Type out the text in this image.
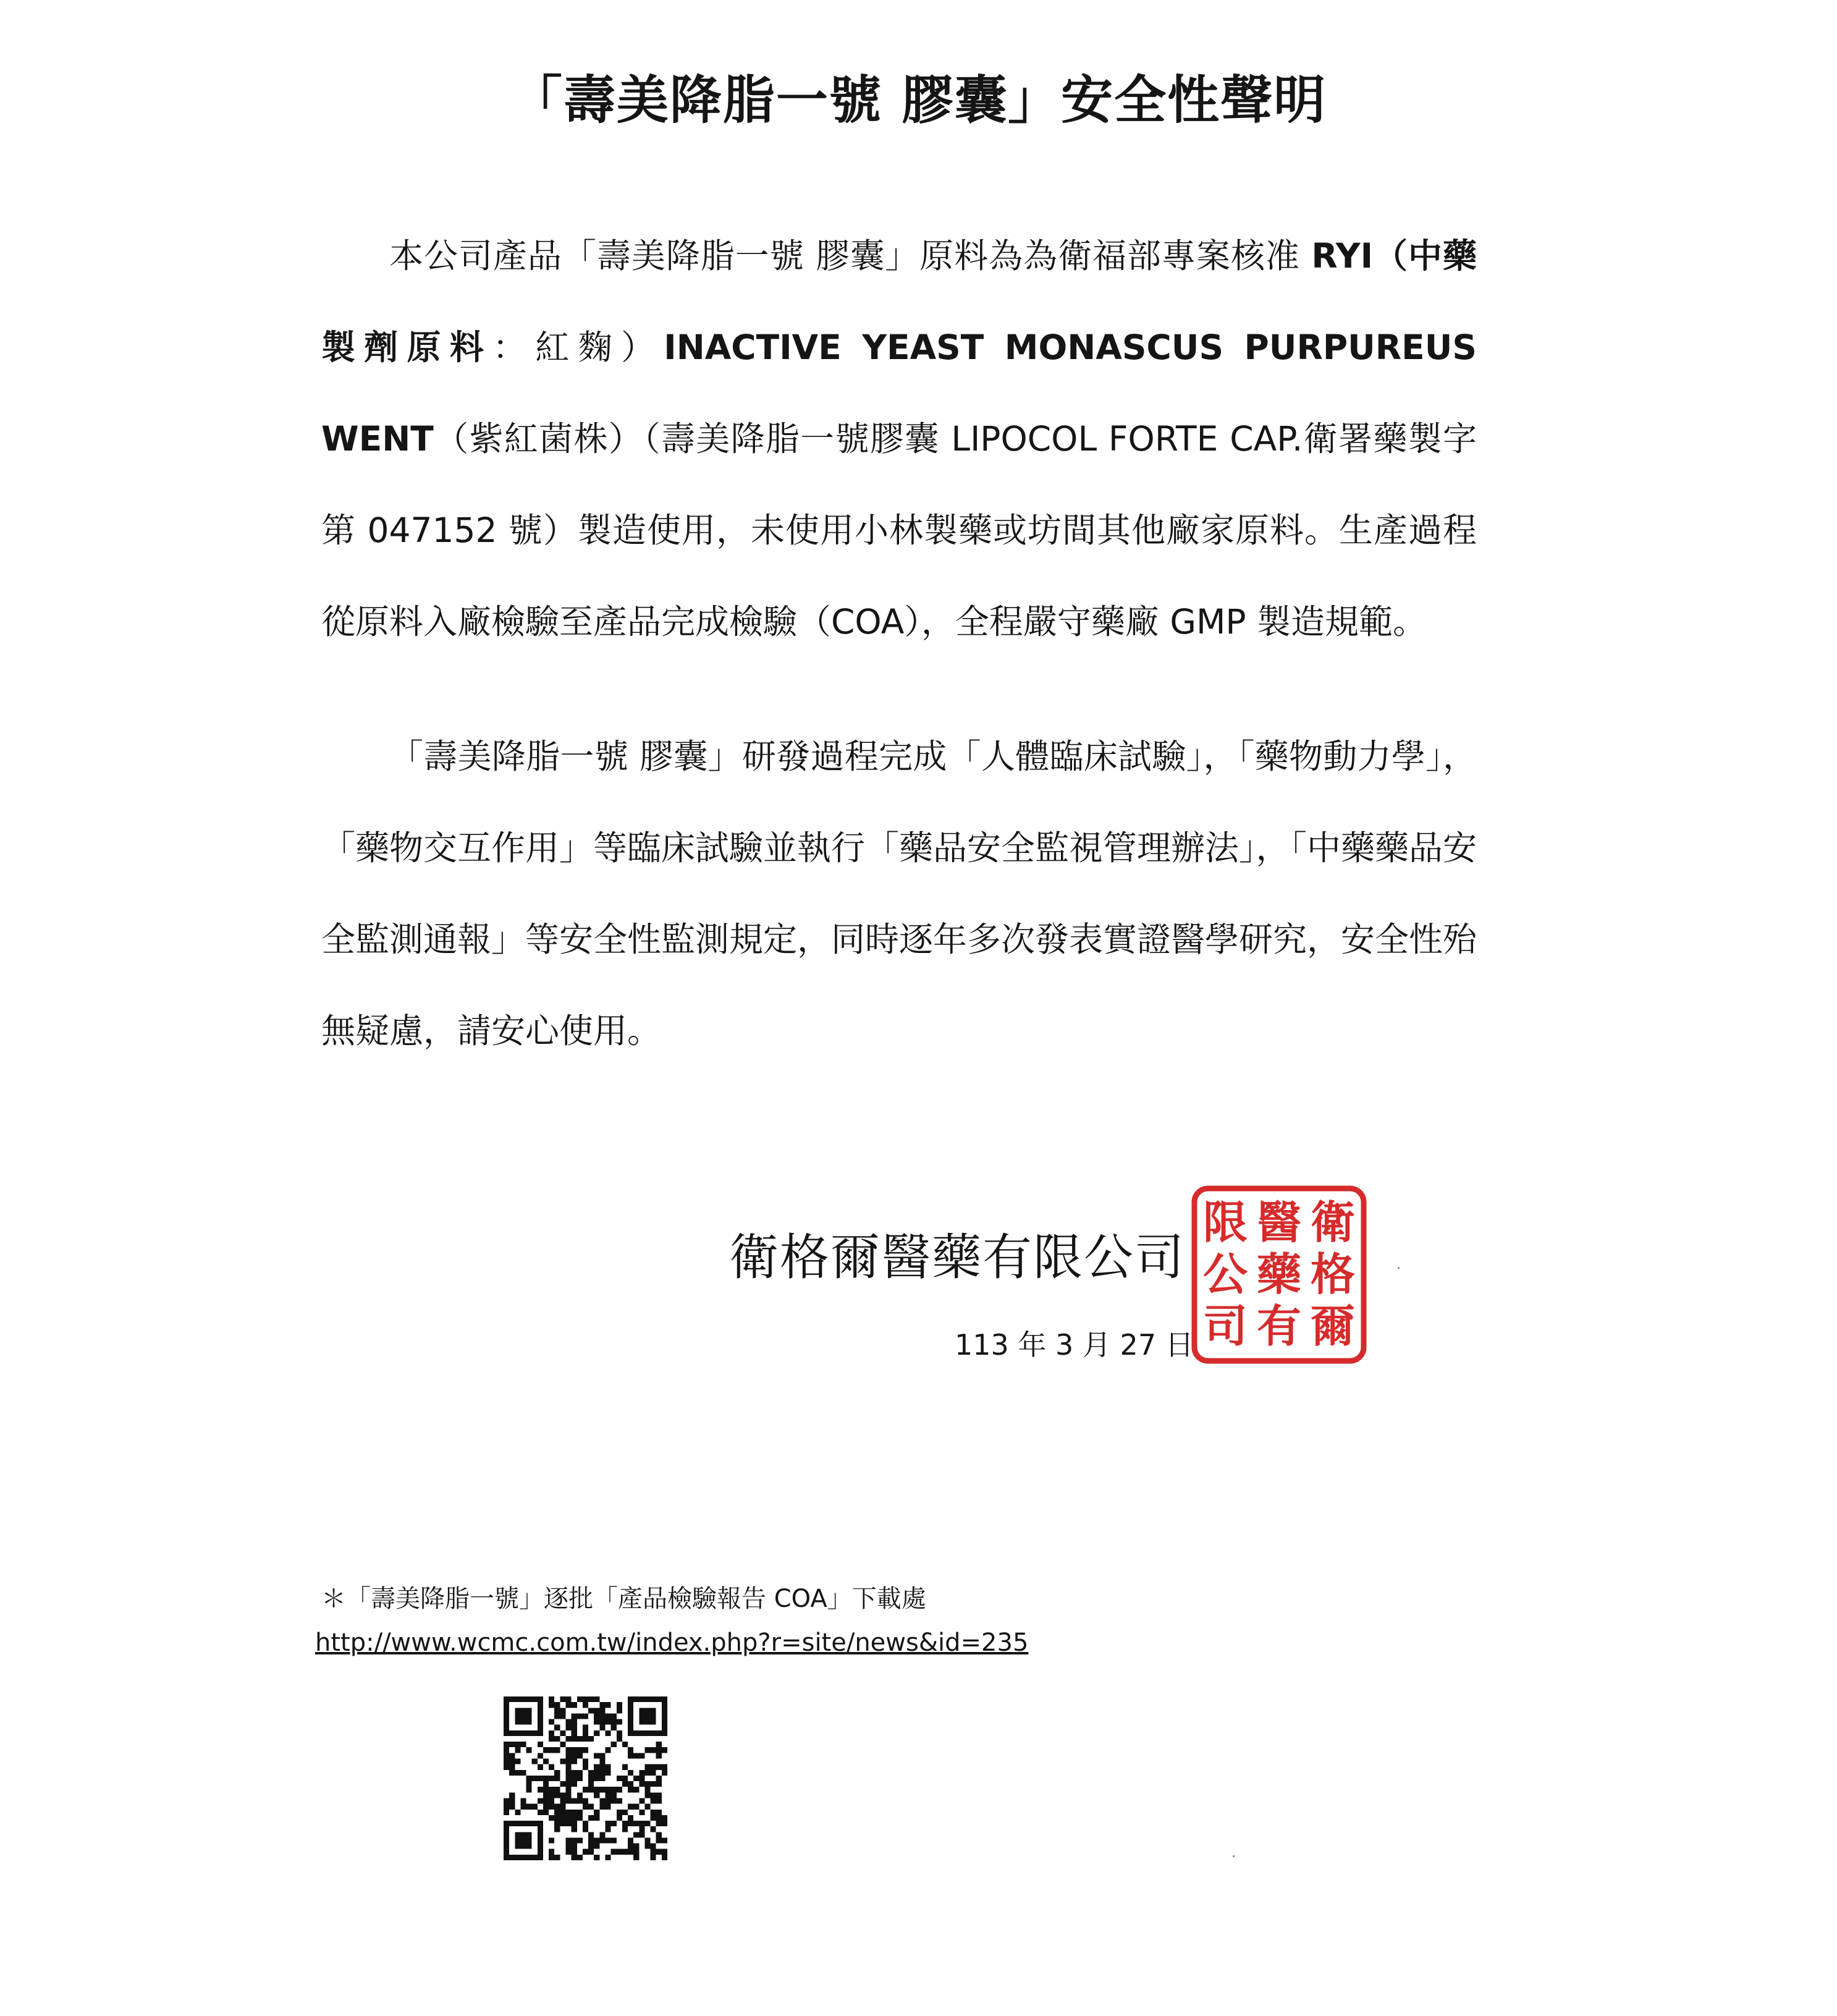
「壽美降脂一號 膠囊」安全性聲明

本公司產品「壽美降脂一號 膠囊」原料為為衛福部專案核准 RYI（中藥製劑原料：紅麴）INACTIVE YEAST MONASCUS PURPUREUS WENT（紫紅菌株）（壽美降脂一號膠囊 LIPOCOL FORTE CAP.衛署藥製字第 047152 號）製造使用，未使用小林製藥或坊間其他廠家原料。生產過程從原料入廠檢驗至產品完成檢驗（COA），全程嚴守藥廠 GMP 製造規範。

「壽美降脂一號 膠囊」研發過程完成「人體臨床試驗」，「藥物動力學」，「藥物交互作用」等臨床試驗並執行「藥品安全監視管理辦法」，「中藥藥品安全監測通報」等安全性監測規定，同時逐年多次發表實證醫學研究，安全性殆無疑慮，請安心使用。

衛格爾醫藥有限公司
113 年 3 月 27 日
衛
格
爾
醫
藥
有
限
公
司
＊「壽美降脂一號」逐批「產品檢驗報告 COA」下載處
http://www.wcmc.com.tw/index.php?r=site/news&id=235
